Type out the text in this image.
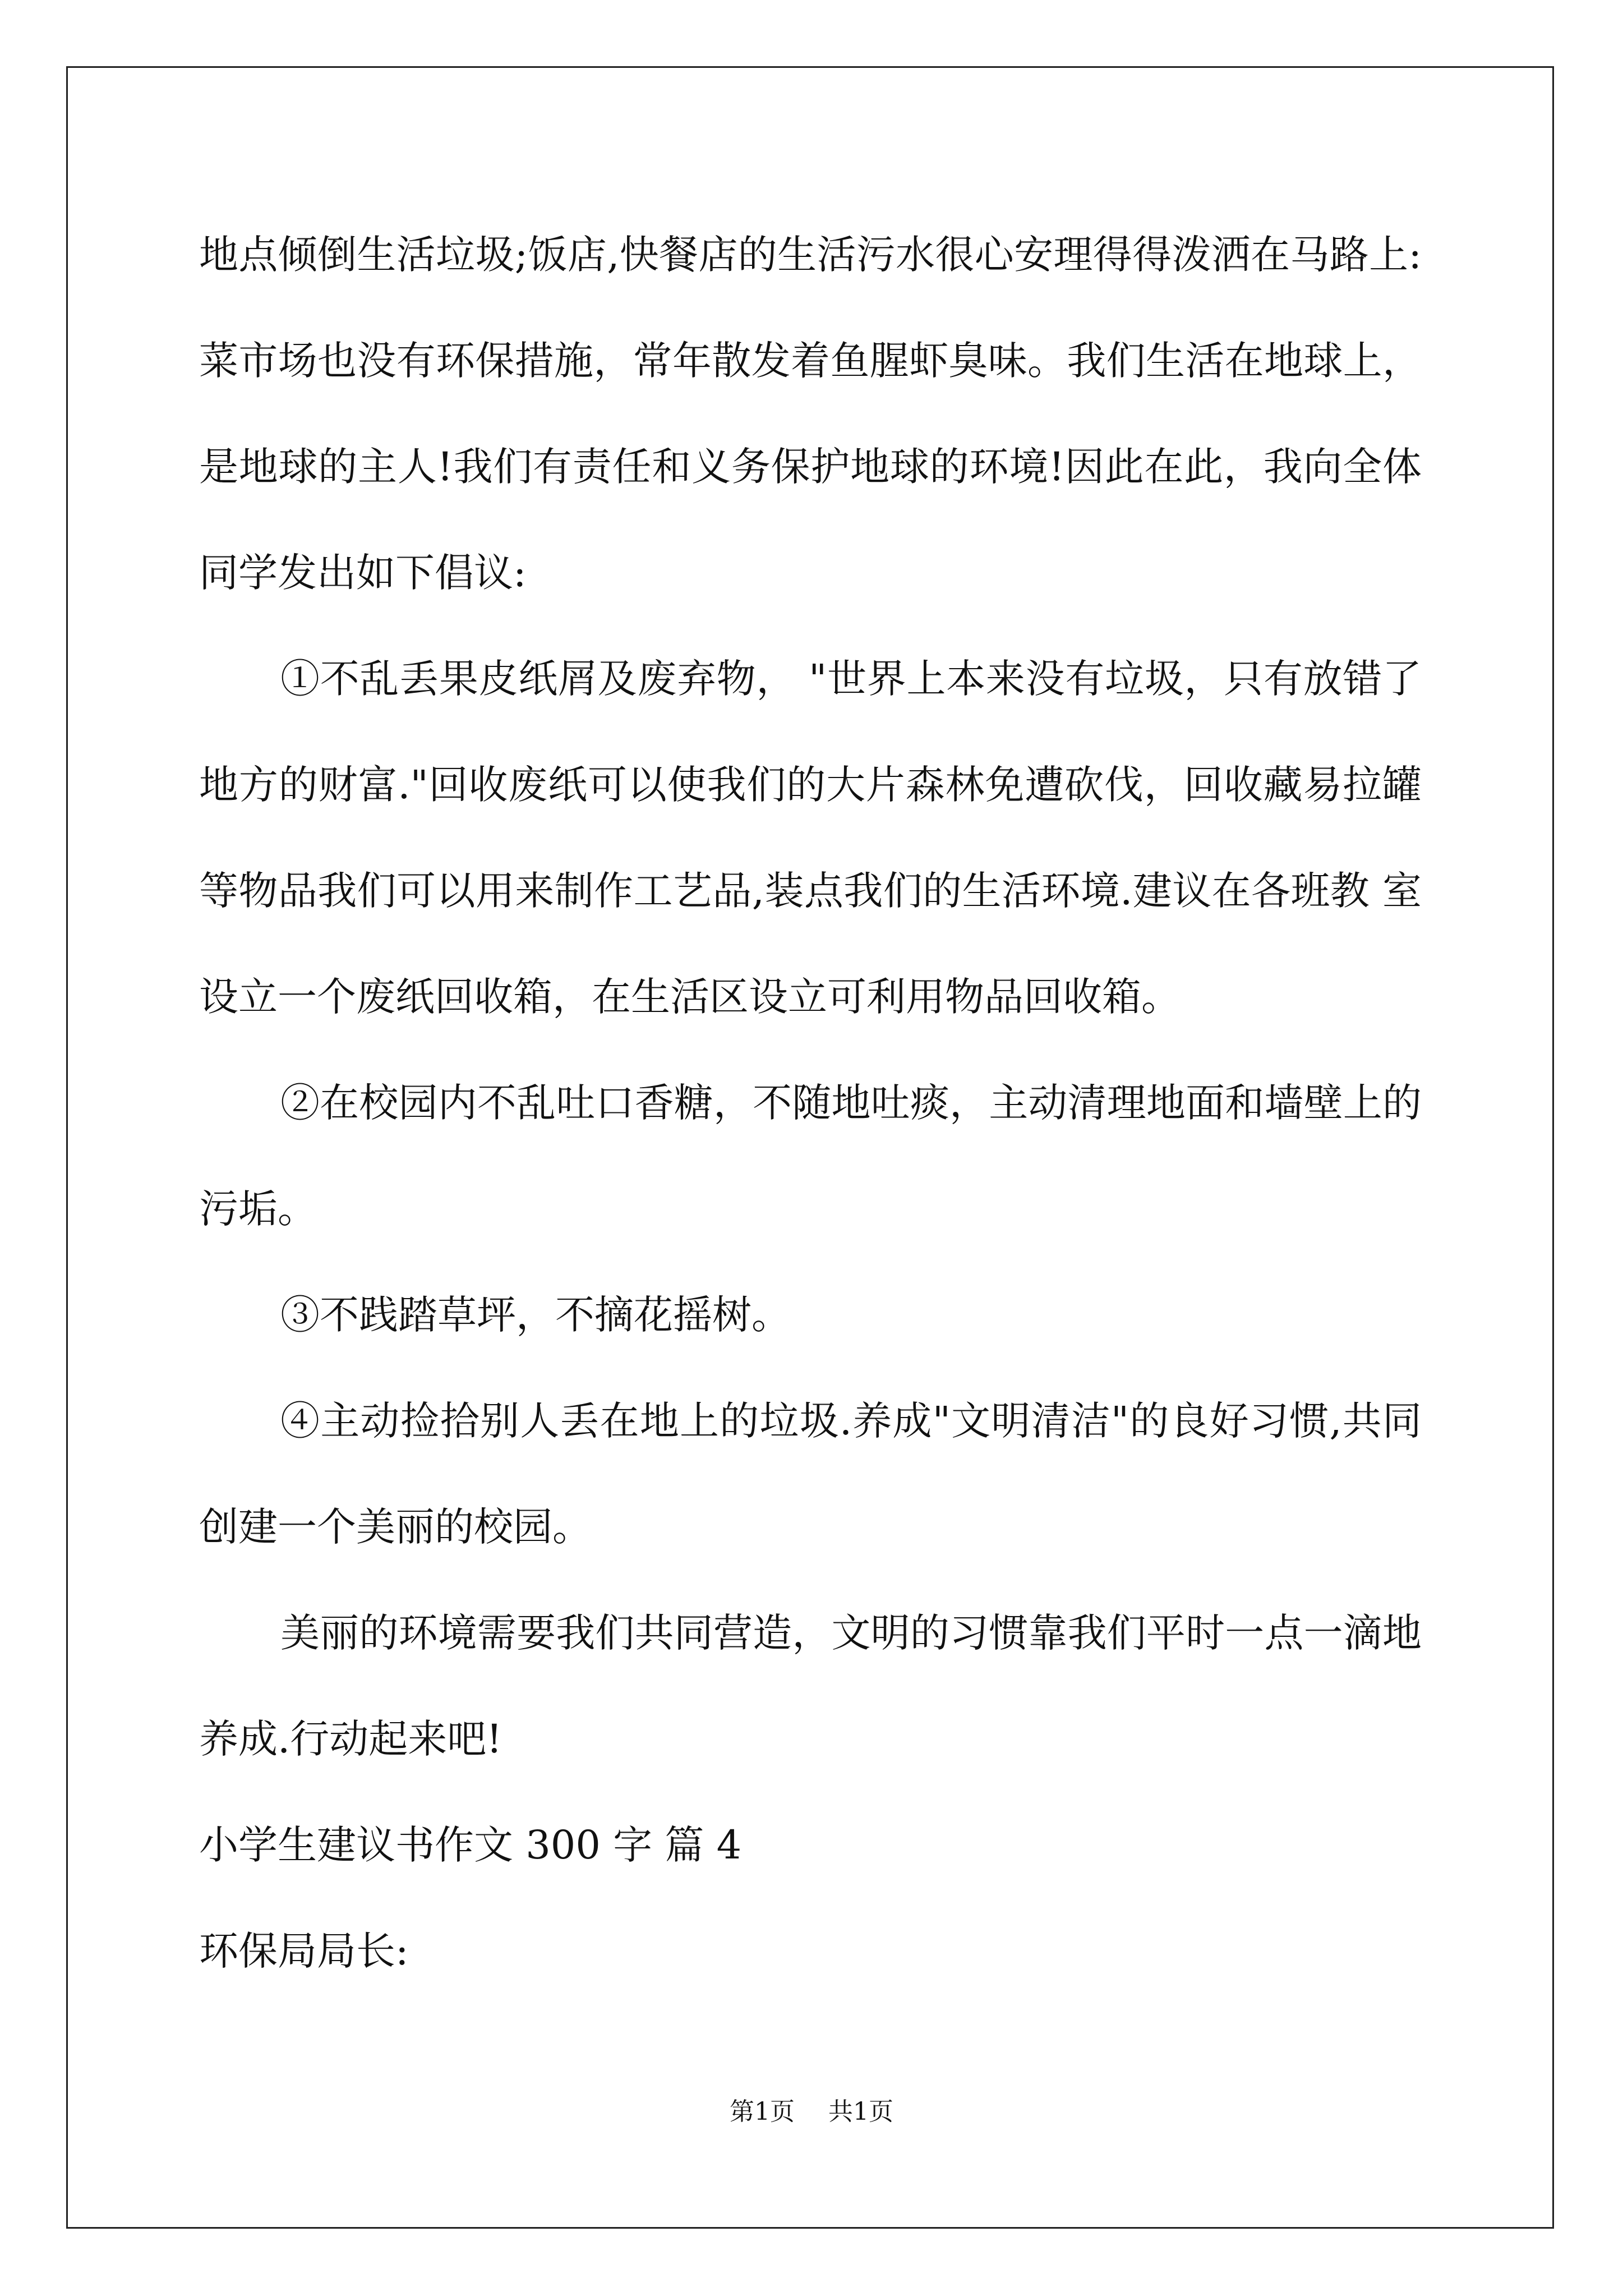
地点倾倒生活垃圾;饭店,快餐店的生活污水很心安理得得泼洒在马路上:菜市场也没有环保措施，常年散发着鱼腥虾臭味。我们生活在地球上，是地球的主人!我们有责任和义务保护地球的环境!因此在此，我向全体同学发出如下倡议:

①不乱丢果皮纸屑及废弃物， "世界上本来没有垃圾，只有放错了地方的财富."回收废纸可以使我们的大片森林免遭砍伐，回收藏易拉罐等物品我们可以用来制作工艺品,装点我们的生活环境.建议在各班教 室设立一个废纸回收箱，在生活区设立可利用物品回收箱。

②在校园内不乱吐口香糖，不随地吐痰，主动清理地面和墙壁上的污垢。

③不践踏草坪，不摘花摇树。

④主动捡拾别人丢在地上的垃圾.养成"文明清洁"的良好习惯,共同创建一个美丽的校园。

美丽的环境需要我们共同营造，文明的习惯靠我们平时一点一滴地养成.行动起来吧!

小学生建议书作文 300 字 篇 4

环保局局长:

第1页 共1页
